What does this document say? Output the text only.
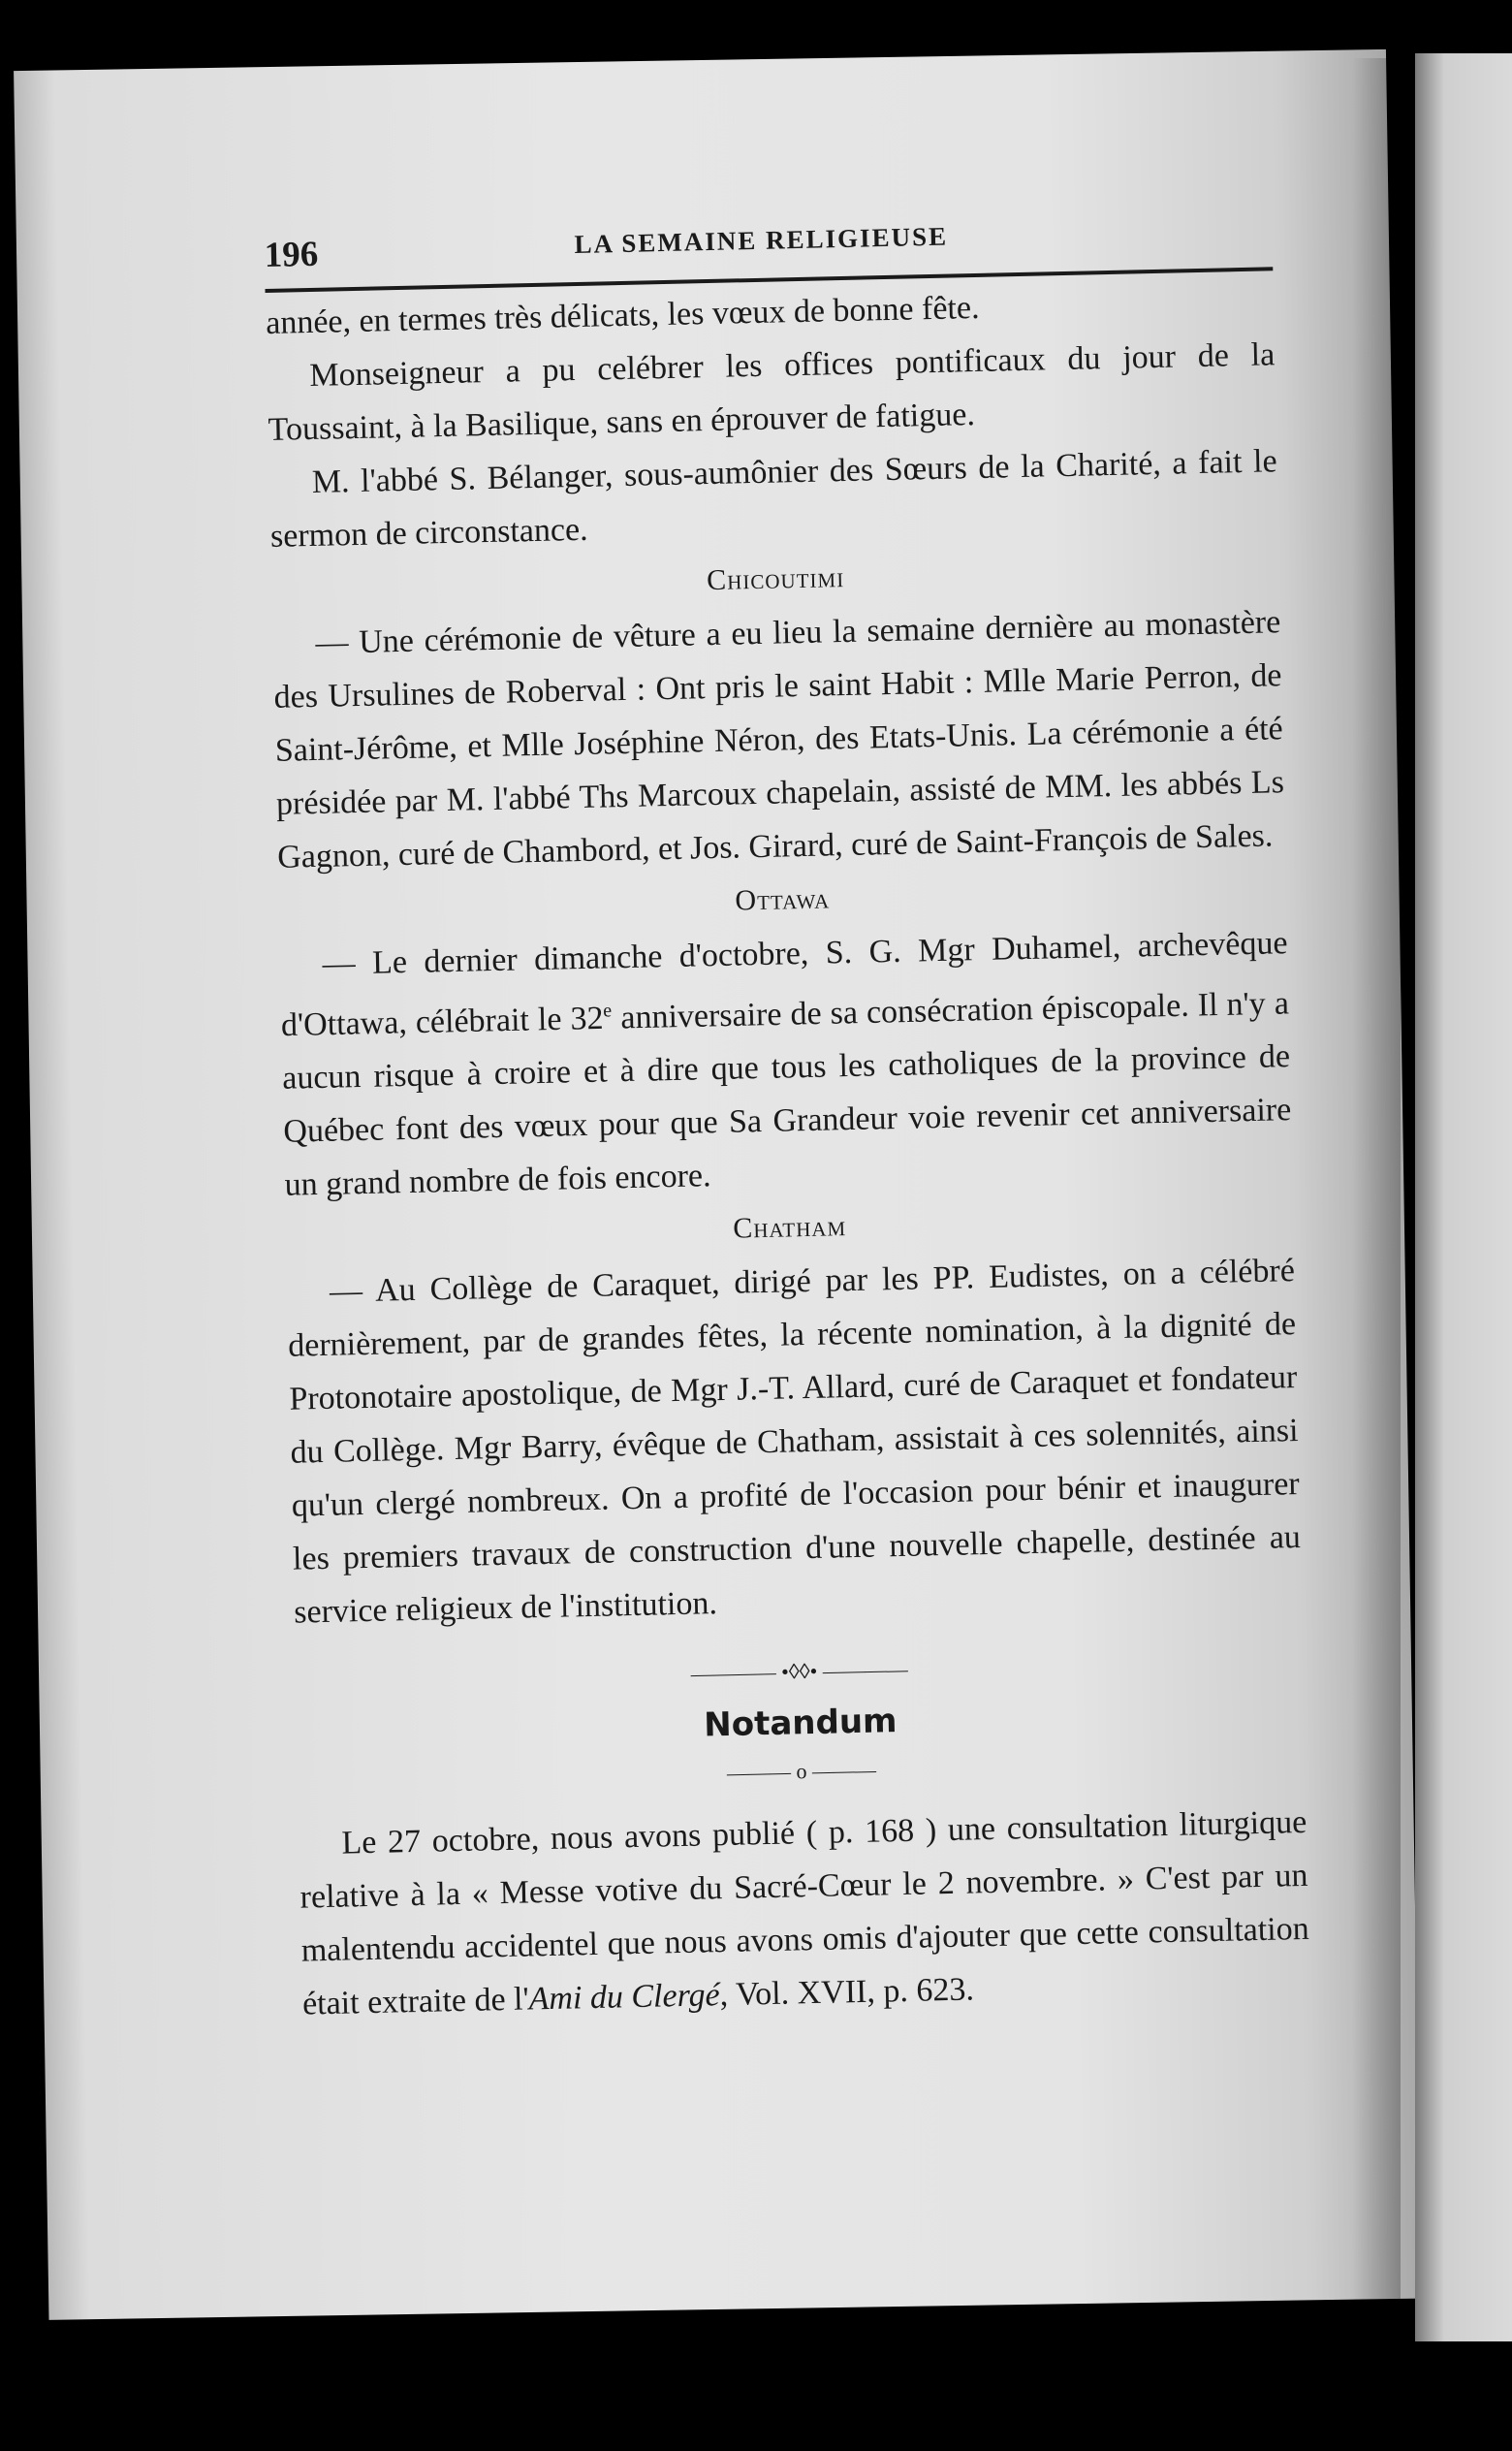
196	LA SEMAINE RELIGIEUSE

année, en termes très délicats, les vœux de bonne fête.

Monseigneur a pu celébrer les offices pontificaux du jour de la Toussaint, à la Basilique, sans en éprouver de fatigue.

M. l'abbé S. Bélanger, sous-aumônier des Sœurs de la Charité, a fait le sermon de circonstance.

Chicoutimi

— Une cérémonie de vêture a eu lieu la semaine dernière au monastère des Ursulines de Roberval : Ont pris le saint Habit : Mlle Marie Perron, de Saint-Jérôme, et Mlle Joséphine Néron, des Etats-Unis. La cérémonie a été présidée par M. l'abbé Ths Marcoux chapelain, assisté de MM. les abbés Ls Gagnon, curé de Chambord, et Jos. Girard, curé de Saint-François de Sales.

Ottawa

— Le dernier dimanche d'octobre, S. G. Mgr Duhamel, archevêque d'Ottawa, célébrait le 32e anniversaire de sa consécration épiscopale. Il n'y a aucun risque à croire et à dire que tous les catholiques de la province de Québec font des vœux pour que Sa Grandeur voie revenir cet anniversaire un grand nombre de fois encore.

Chatham

— Au Collège de Caraquet, dirigé par les PP. Eudistes, on a célébré dernièrement, par de grandes fêtes, la récente nomination, à la dignité de Protonotaire apostolique, de Mgr J.-T. Allard, curé de Caraquet et fondateur du Collège. Mgr Barry, évêque de Chatham, assistait à ces solennités, ainsi qu'un clergé nombreux. On a profité de l'occasion pour bénir et inaugurer les premiers travaux de construction d'une nouvelle chapelle, destinée au service religieux de l'institution.

———— •◊◊• ————
Notandum
——— o ———

Le 27 octobre, nous avons publié ( p. 168 ) une consultation liturgique relative à la « Messe votive du Sacré-Cœur le 2 novembre. » C'est par un malentendu accidentel que nous avons omis d'ajouter que cette consultation était extraite de l'Ami du Clergé, Vol. XVII, p. 623.
